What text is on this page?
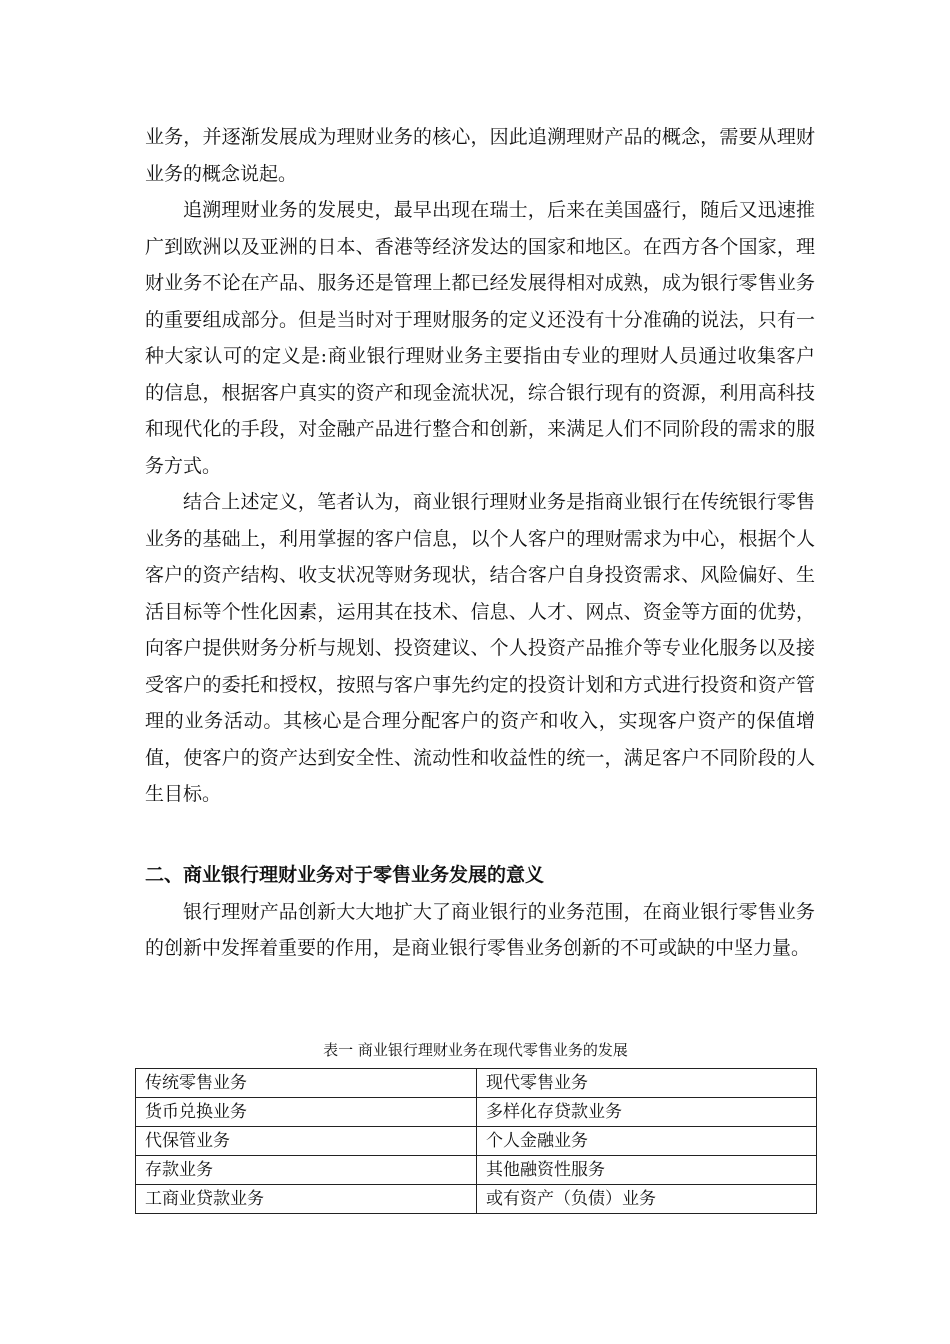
业务，并逐渐发展成为理财业务的核心，因此追溯理财产品的概念，需要从理财业务的概念说起。

追溯理财业务的发展史，最早出现在瑞士，后来在美国盛行，随后又迅速推广到欧洲以及亚洲的日本、香港等经济发达的国家和地区。在西方各个国家，理财业务不论在产品、服务还是管理上都已经发展得相对成熟，成为银行零售业务的重要组成部分。但是当时对于理财服务的定义还没有十分准确的说法，只有一种大家认可的定义是:商业银行理财业务主要指由专业的理财人员通过收集客户的信息，根据客户真实的资产和现金流状况，综合银行现有的资源，利用高科技和现代化的手段，对金融产品进行整合和创新，来满足人们不同阶段的需求的服务方式。

结合上述定义，笔者认为，商业银行理财业务是指商业银行在传统银行零售业务的基础上，利用掌握的客户信息，以个人客户的理财需求为中心，根据个人客户的资产结构、收支状况等财务现状，结合客户自身投资需求、风险偏好、生活目标等个性化因素，运用其在技术、信息、人才、网点、资金等方面的优势，向客户提供财务分析与规划、投资建议、个人投资产品推介等专业化服务以及接受客户的委托和授权，按照与客户事先约定的投资计划和方式进行投资和资产管理的业务活动。其核心是合理分配客户的资产和收入，实现客户资产的保值增值，使客户的资产达到安全性、流动性和收益性的统一，满足客户不同阶段的人生目标。

二、商业银行理财业务对于零售业务发展的意义

银行理财产品创新大大地扩大了商业银行的业务范围，在商业银行零售业务的创新中发挥着重要的作用，是商业银行零售业务创新的不可或缺的中坚力量。

表一 商业银行理财业务在现代零售业务的发展
传统零售业务	现代零售业务
货币兑换业务	多样化存贷款业务
代保管业务	个人金融业务
存款业务	其他融资性服务
工商业贷款业务	或有资产（负债）业务
